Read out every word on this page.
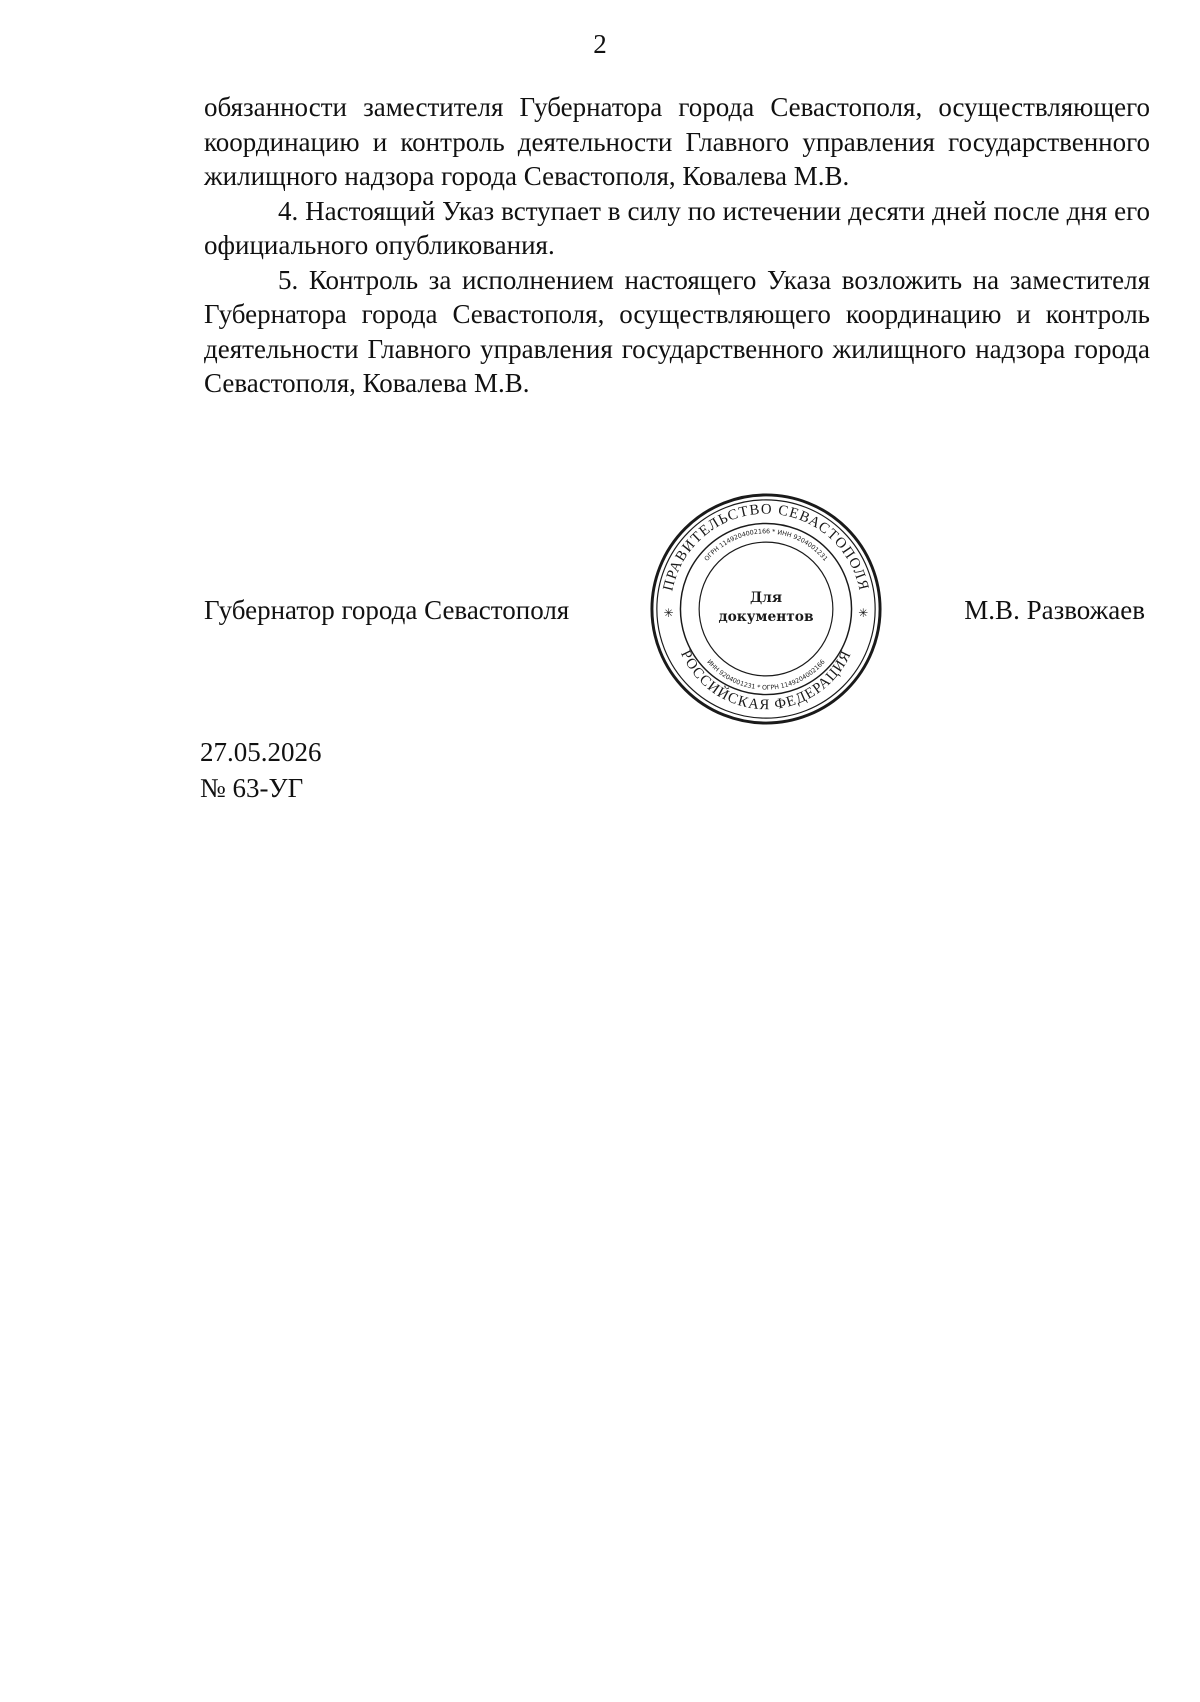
2

обязанности заместителя Губернатора города Севастополя, осуществляющего координацию и контроль деятельности Главного управления государственного жилищного надзора города Севастополя, Ковалева М.В.

4. Настоящий Указ вступает в силу по истечении десяти дней после дня его официального опубликования.

5. Контроль за исполнением настоящего Указа возложить на заместителя Губернатора города Севастополя, осуществляющего координацию и контроль деятельности Главного управления государственного жилищного надзора города Севастополя, Ковалева М.В.

Губернатор города Севастополя
ПРАВИТЕЛЬСТВО СЕВАСТОПОЛЯ
РОССИЙСКАЯ ФЕДЕРАЦИЯ
ОГРН 1149204002166 * ИНН 9204001231
ИНН 9204001231 * ОГРН 1149204002166
✳	✳
Для
документов	М.В. Развожаев
27.05.2026
№ 63-УГ
